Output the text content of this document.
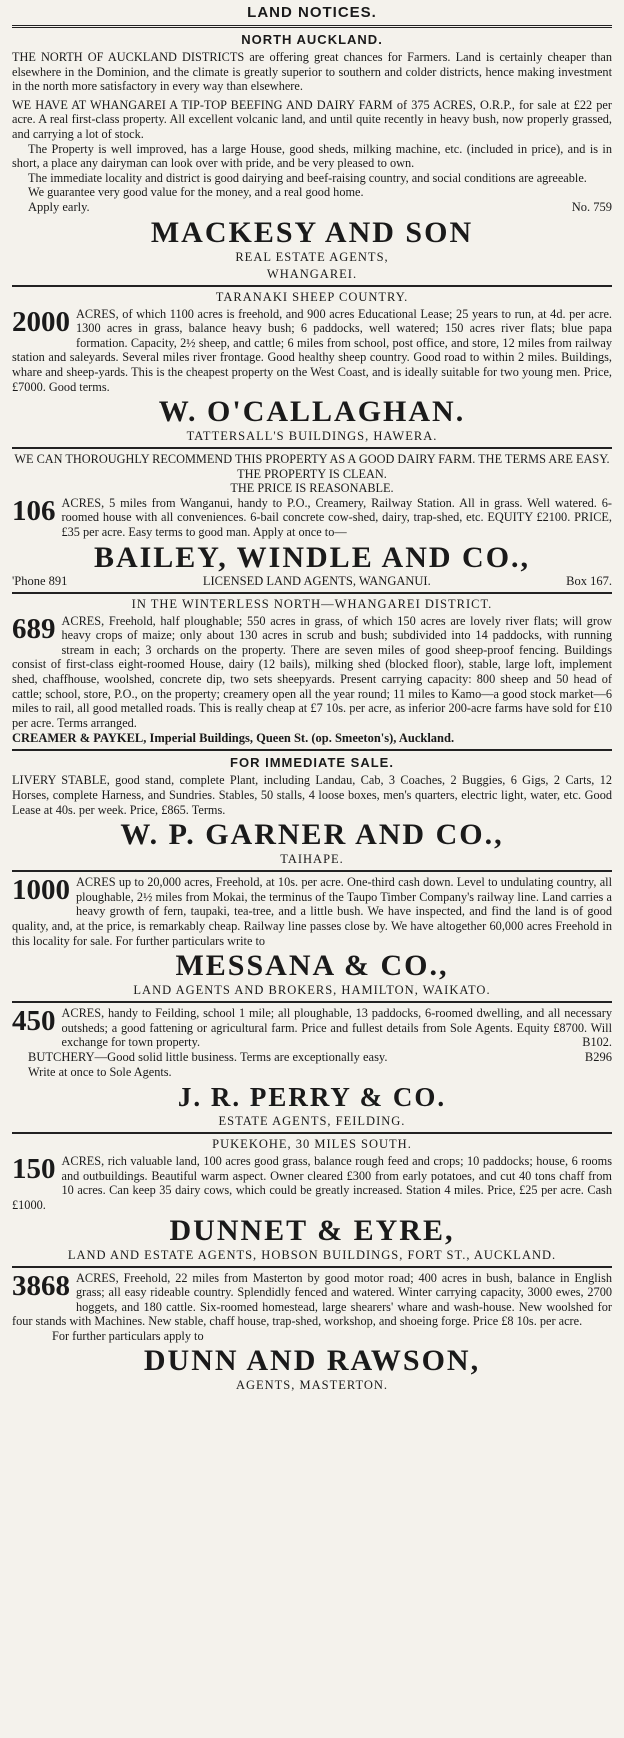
LAND NOTICES.
NORTH AUCKLAND.

THE NORTH OF AUCKLAND DISTRICTS are offering great chances for Farmers. Land is certainly cheaper than elsewhere in the Dominion, and the climate is greatly superior to southern and colder districts, hence making investment in the north more satisfactory in every way than elsewhere.

WE HAVE AT WHANGAREI A TIP-TOP BEEFING AND DAIRY FARM of 375 ACRES, O.R.P., for sale at £22 per acre. A real first-class property. All excellent volcanic land, and until quite recently in heavy bush, now properly grassed, and carrying a lot of stock.

The Property is well improved, has a large House, good sheds, milking machine, etc. (included in price), and is in short, a place any dairyman can look over with pride, and be very pleased to own.

The immediate locality and district is good dairying and beef-raising country, and social conditions are agreeable.

We guarantee very good value for the money, and a real good home.

Apply early.	No. 759
MACKESY AND SON
REAL ESTATE AGENTS,
WHANGAREI.
TARANAKI SHEEP COUNTRY.
2000 ACRES, of which 1100 acres is freehold, and 900 acres Educational Lease; 25 years to run, at 4d. per acre. 1300 acres in grass, balance heavy bush; 6 paddocks, well watered; 150 acres river flats; blue papa formation. Capacity, 2½ sheep, and cattle; 6 miles from school, post office, and store, 12 miles from railway station and saleyards. Several miles river frontage. Good healthy sheep country. Good road to within 2 miles. Buildings, whare and sheep-yards. This is the cheapest property on the West Coast, and is ideally suitable for two young men. Price, £7000. Good terms.
W. O'CALLAGHAN.
TATTERSALL'S BUILDINGS, HAWERA.
WE CAN THOROUGHLY RECOMMEND THIS PROPERTY AS A GOOD DAIRY FARM. THE TERMS ARE EASY. THE PROPERTY IS CLEAN.
THE PRICE IS REASONABLE.
106 ACRES, 5 miles from Wanganui, handy to P.O., Creamery, Railway Station. All in grass. Well watered. 6-roomed house with all conveniences. 6-bail concrete cow-shed, dairy, trap-shed, etc. EQUITY £2100. PRICE, £35 per acre. Easy terms to good man. Apply at once to—
BAILEY, WINDLE AND CO.,
'Phone 891	LICENSED LAND AGENTS, WANGANUI.	Box 167.
IN THE WINTERLESS NORTH—WHANGAREI DISTRICT.
689 ACRES, Freehold, half ploughable; 550 acres in grass, of which 150 acres are lovely river flats; will grow heavy crops of maize; only about 130 acres in scrub and bush; subdivided into 14 paddocks, with running stream in each; 3 orchards on the property. There are seven miles of good sheep-proof fencing. Buildings consist of first-class eight-roomed House, dairy (12 bails), milking shed (blocked floor), stable, large loft, implement shed, chaffhouse, woolshed, concrete dip, two sets sheepyards. Present carrying capacity: 800 sheep and 50 head of cattle; school, store, P.O., on the property; creamery open all the year round; 11 miles to Kamo—a good stock market—6 miles to rail, all good metalled roads. This is really cheap at £7 10s. per acre, as inferior 200-acre farms have sold for £10 per acre. Terms arranged.
CREAMER & PAYKEL, Imperial Buildings, Queen St. (op. Smeeton's), Auckland.
FOR IMMEDIATE SALE.
LIVERY STABLE, good stand, complete Plant, including Landau, Cab, 3 Coaches, 2 Buggies, 6 Gigs, 2 Carts, 12 Horses, complete Harness, and Sundries. Stables, 50 stalls, 4 loose boxes, men's quarters, electric light, water, etc. Good Lease at 40s. per week. Price, £865. Terms.
W. P. GARNER AND CO.,
TAIHAPE.
1000 ACRES up to 20,000 acres, Freehold, at 10s. per acre. One-third cash down. Level to undulating country, all ploughable, 2½ miles from Mokai, the terminus of the Taupo Timber Company's railway line. Land carries a heavy growth of fern, taupaki, tea-tree, and a little bush. We have inspected, and find the land is of good quality, and, at the price, is remarkably cheap. Railway line passes close by. We have altogether 60,000 acres Freehold in this locality for sale. For further particulars write to
MESSANA & CO.,
LAND AGENTS AND BROKERS, HAMILTON, WAIKATO.
450 ACRES, handy to Feilding, school 1 mile; all ploughable, 13 paddocks, 6-roomed dwelling, and all necessary outsheds; a good fattening or agricultural farm. Price and fullest details from Sole Agents. Equity £8700. Will exchange for town property.	B102.
BUTCHERY—Good solid little business. Terms are exceptionally easy.	B296
Write at once to Sole Agents.
J. R. PERRY & CO.
ESTATE AGENTS, FEILDING.
PUKEKOHE, 30 MILES SOUTH.
150 ACRES, rich valuable land, 100 acres good grass, balance rough feed and crops; 10 paddocks; house, 6 rooms and outbuildings. Beautiful warm aspect. Owner cleared £300 from early potatoes, and cut 40 tons chaff from 10 acres. Can keep 35 dairy cows, which could be greatly increased. Station 4 miles. Price, £25 per acre. Cash £1000.
DUNNET & EYRE,
LAND AND ESTATE AGENTS, HOBSON BUILDINGS, FORT ST., AUCKLAND.
3868 ACRES, Freehold, 22 miles from Masterton by good motor road; 400 acres in bush, balance in English grass; all easy rideable country. Splendidly fenced and watered. Winter carrying capacity, 3000 ewes, 2700 hoggets, and 180 cattle. Six-roomed homestead, large shearers' whare and wash-house. New woolshed for four stands with Machines. New stable, chaff house, trap-shed, workshop, and shoeing forge. Price £8 10s. per acre.
For further particulars apply to
DUNN AND RAWSON,
AGENTS, MASTERTON.
